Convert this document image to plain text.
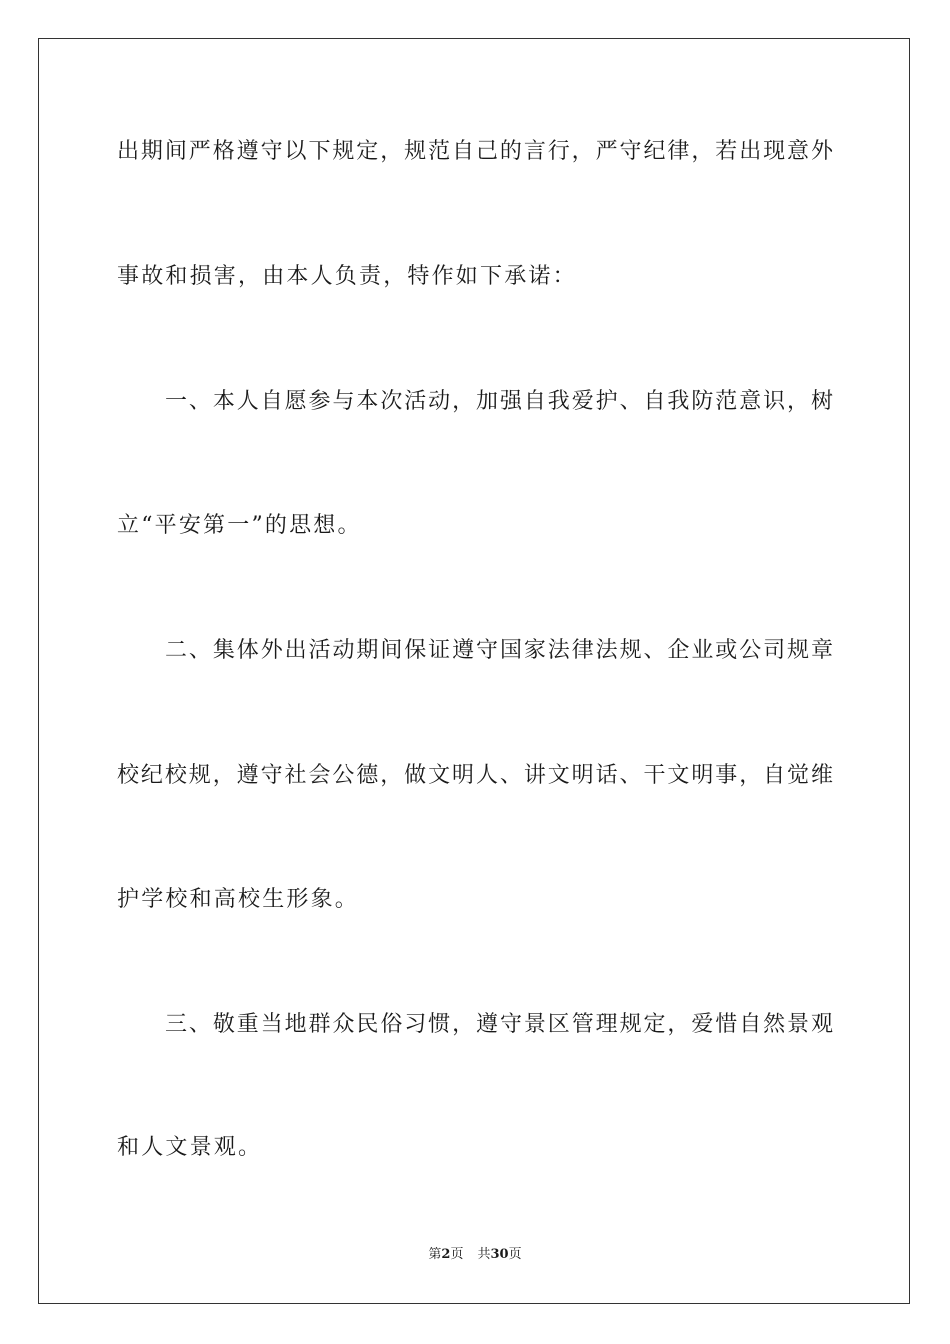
出期间严格遵守以下规定，规范自己的言行，严守纪律，若出现意外
事故和损害，由本人负责，特作如下承诺：
一、本人自愿参与本次活动，加强自我爱护、自我防范意识，树
立“平安第一”的思想。
二、集体外出活动期间保证遵守国家法律法规、企业或公司规章
校纪校规，遵守社会公德，做文明人、讲文明话、干文明事，自觉维
护学校和高校生形象。
三、敬重当地群众民俗习惯，遵守景区管理规定，爱惜自然景观
和人文景观。
第2页 共30页
